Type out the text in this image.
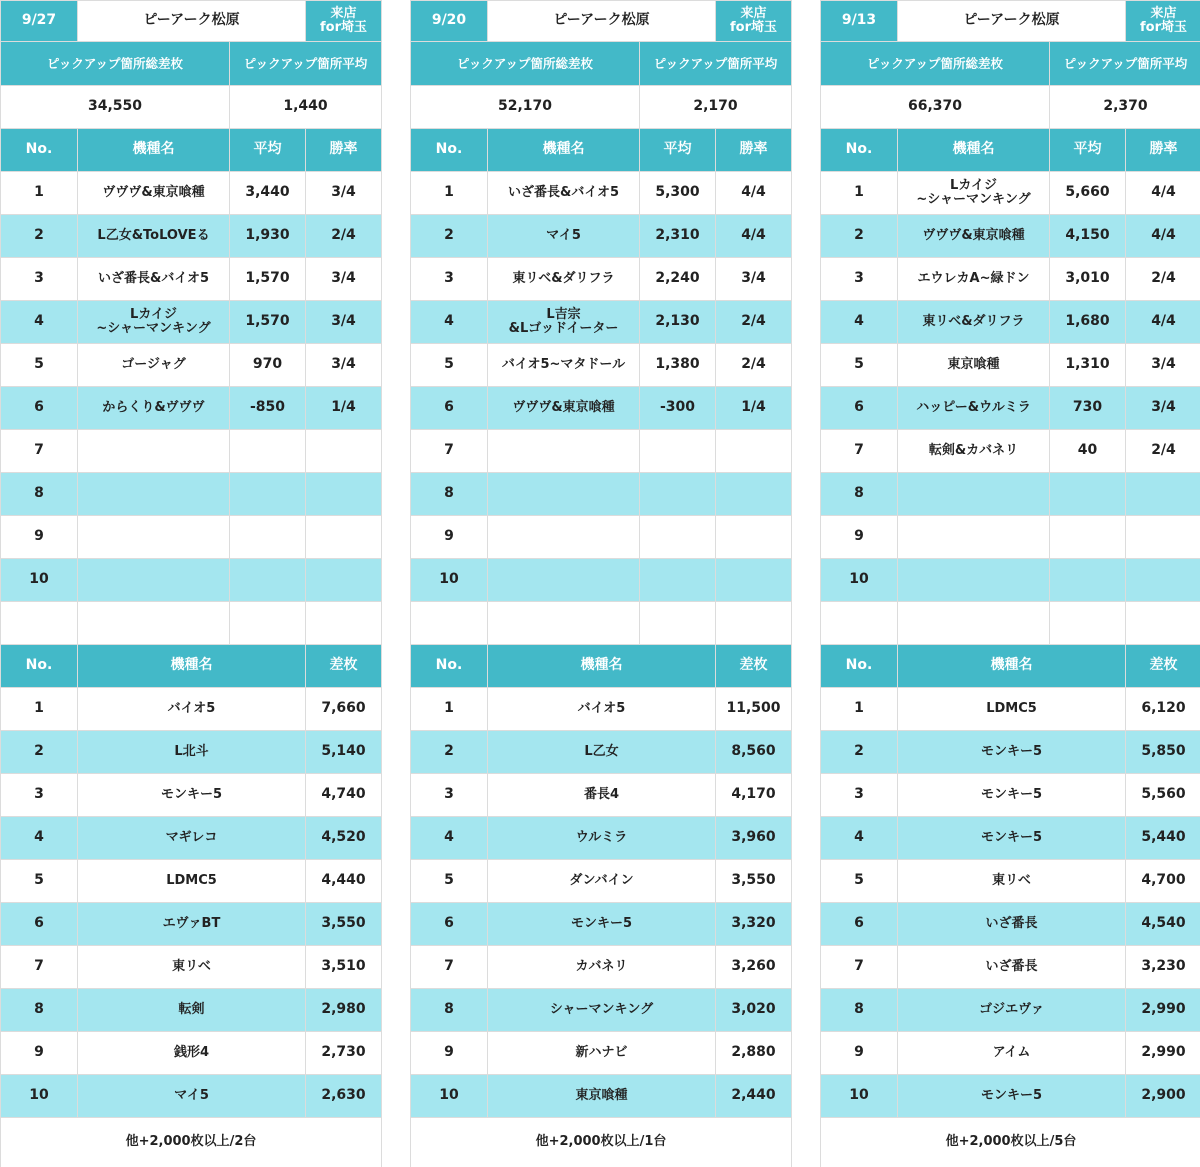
9/27	ピーアーク松原	来店
for埼玉
ピックアップ箇所総差枚	ピックアップ箇所平均
34,550	1,440
No.	機種名	平均	勝率
1	ヴヴヴ&東京喰種	3,440	3/4
2	L乙女&ToLOVEる	1,930	2/4
3	いざ番長&バイオ5	1,570	3/4
4	Lカイジ
~シャーマンキング	1,570	3/4
5	ゴージャグ	970	3/4
6	からくり&ヴヴヴ	-850	1/4
7
8
9
10
No.	機種名	差枚
1	バイオ5	7,660
2	L北斗	5,140
3	モンキー5	4,740
4	マギレコ	4,520
5	LDMC5	4,440
6	エヴァBT	3,550
7	東リベ	3,510
8	転剣	2,980
9	銭形4	2,730
10	マイ5	2,630
他+2,000枚以上/2台
9/20	ピーアーク松原	来店
for埼玉
ピックアップ箇所総差枚	ピックアップ箇所平均
52,170	2,170
No.	機種名	平均	勝率
1	いざ番長&バイオ5	5,300	4/4
2	マイ5	2,310	4/4
3	東リベ&ダリフラ	2,240	3/4
4	L吉宗
&Lゴッドイーター	2,130	2/4
5	バイオ5~マタドール	1,380	2/4
6	ヴヴヴ&東京喰種	-300	1/4
7
8
9
10
No.	機種名	差枚
1	バイオ5	11,500
2	L乙女	8,560
3	番長4	4,170
4	ウルミラ	3,960
5	ダンバイン	3,550
6	モンキー5	3,320
7	カバネリ	3,260
8	シャーマンキング	3,020
9	新ハナビ	2,880
10	東京喰種	2,440
他+2,000枚以上/1台
9/13	ピーアーク松原	来店
for埼玉
ピックアップ箇所総差枚	ピックアップ箇所平均
66,370	2,370
No.	機種名	平均	勝率
1	Lカイジ
~シャーマンキング	5,660	4/4
2	ヴヴヴ&東京喰種	4,150	4/4
3	エウレカA~緑ドン	3,010	2/4
4	東リベ&ダリフラ	1,680	4/4
5	東京喰種	1,310	3/4
6	ハッピー&ウルミラ	730	3/4
7	転剣&カバネリ	40	2/4
8
9
10
No.	機種名	差枚
1	LDMC5	6,120
2	モンキー5	5,850
3	モンキー5	5,560
4	モンキー5	5,440
5	東リベ	4,700
6	いざ番長	4,540
7	いざ番長	3,230
8	ゴジエヴァ	2,990
9	アイム	2,990
10	モンキー5	2,900
他+2,000枚以上/5台
